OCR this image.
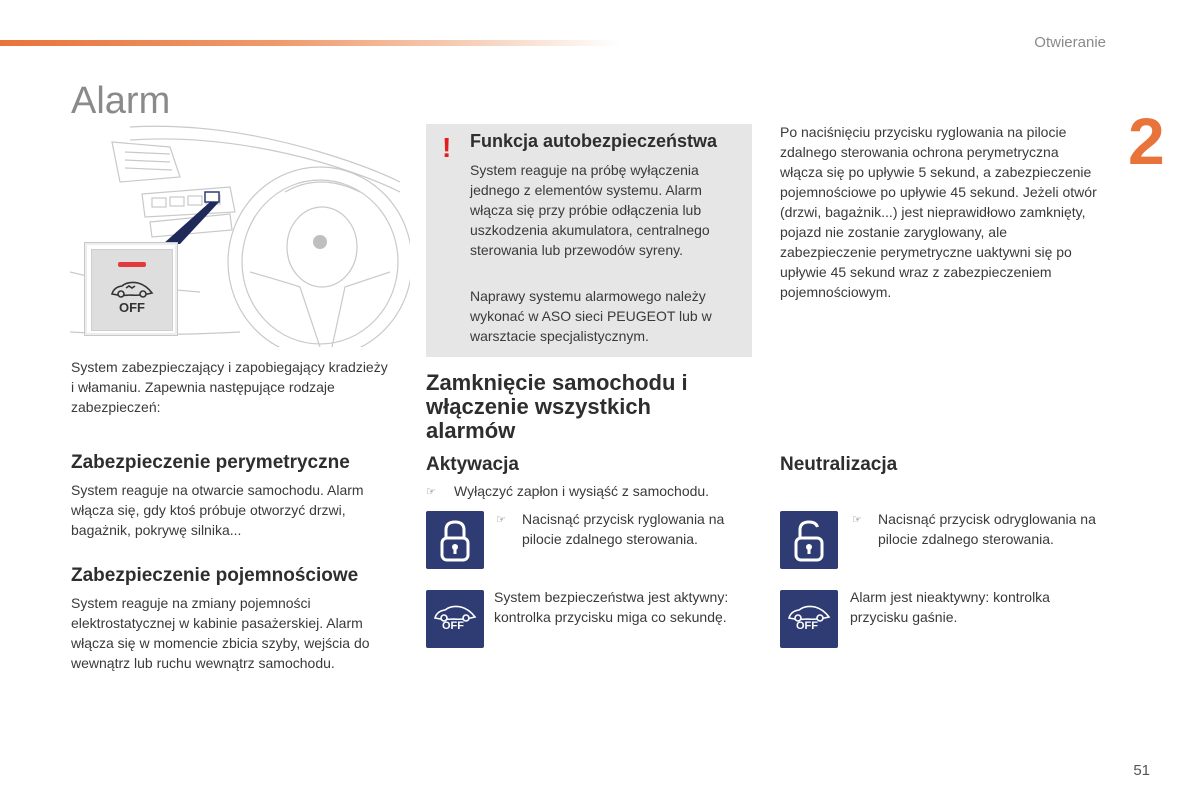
Otwieranie
2
Alarm
OFF

System zabezpieczający i zapobiegający kradzieży i włamaniu. Zapewnia następujące rodzaje zabezpieczeń:

Zabezpieczenie perymetryczne

System reaguje na otwarcie samochodu. Alarm włącza się, gdy ktoś próbuje otworzyć drzwi, bagażnik, pokrywę silnika...

Zabezpieczenie pojemnościowe

System reaguje na zmiany pojemności elektrostatycznej w kabinie pasażerskiej. Alarm włącza się w momencie zbicia szyby, wejścia do wewnątrz lub ruchu wewnątrz samochodu.

! Funkcja autobezpieczeństwa

System reaguje na próbę wyłączenia jednego z elementów systemu. Alarm włącza się przy próbie odłączenia lub uszkodzenia akumulatora, centralnego sterowania lub przewodów syreny.

Naprawy systemu alarmowego należy wykonać w ASO sieci PEUGEOT lub w warsztacie specjalistycznym.

Zamknięcie samochodu i włączenie wszystkich alarmów
Aktywacja
☞ Wyłączyć zapłon i wysiąść z samochodu.

☞ Nacisnąć przycisk ryglowania na pilocie zdalnego sterowania.

OFF

System bezpieczeństwa jest aktywny: kontrolka przycisku miga co sekundę.

Po naciśnięciu przycisku ryglowania na pilocie zdalnego sterowania ochrona perymetryczna włącza się po upływie 5 sekund, a zabezpieczenie pojemnościowe po upływie 45 sekund. Jeżeli otwór (drzwi, bagażnik...) jest nieprawidłowo zamknięty, pojazd nie zostanie zaryglowany, ale zabezpieczenie perymetryczne uaktywni się po upływie 45 sekund wraz z zabezpieczeniem pojemnościowym.

Neutralizacja
☞ Nacisnąć przycisk odryglowania na pilocie zdalnego sterowania.

OFF

Alarm jest nieaktywny: kontrolka przycisku gaśnie.

51
